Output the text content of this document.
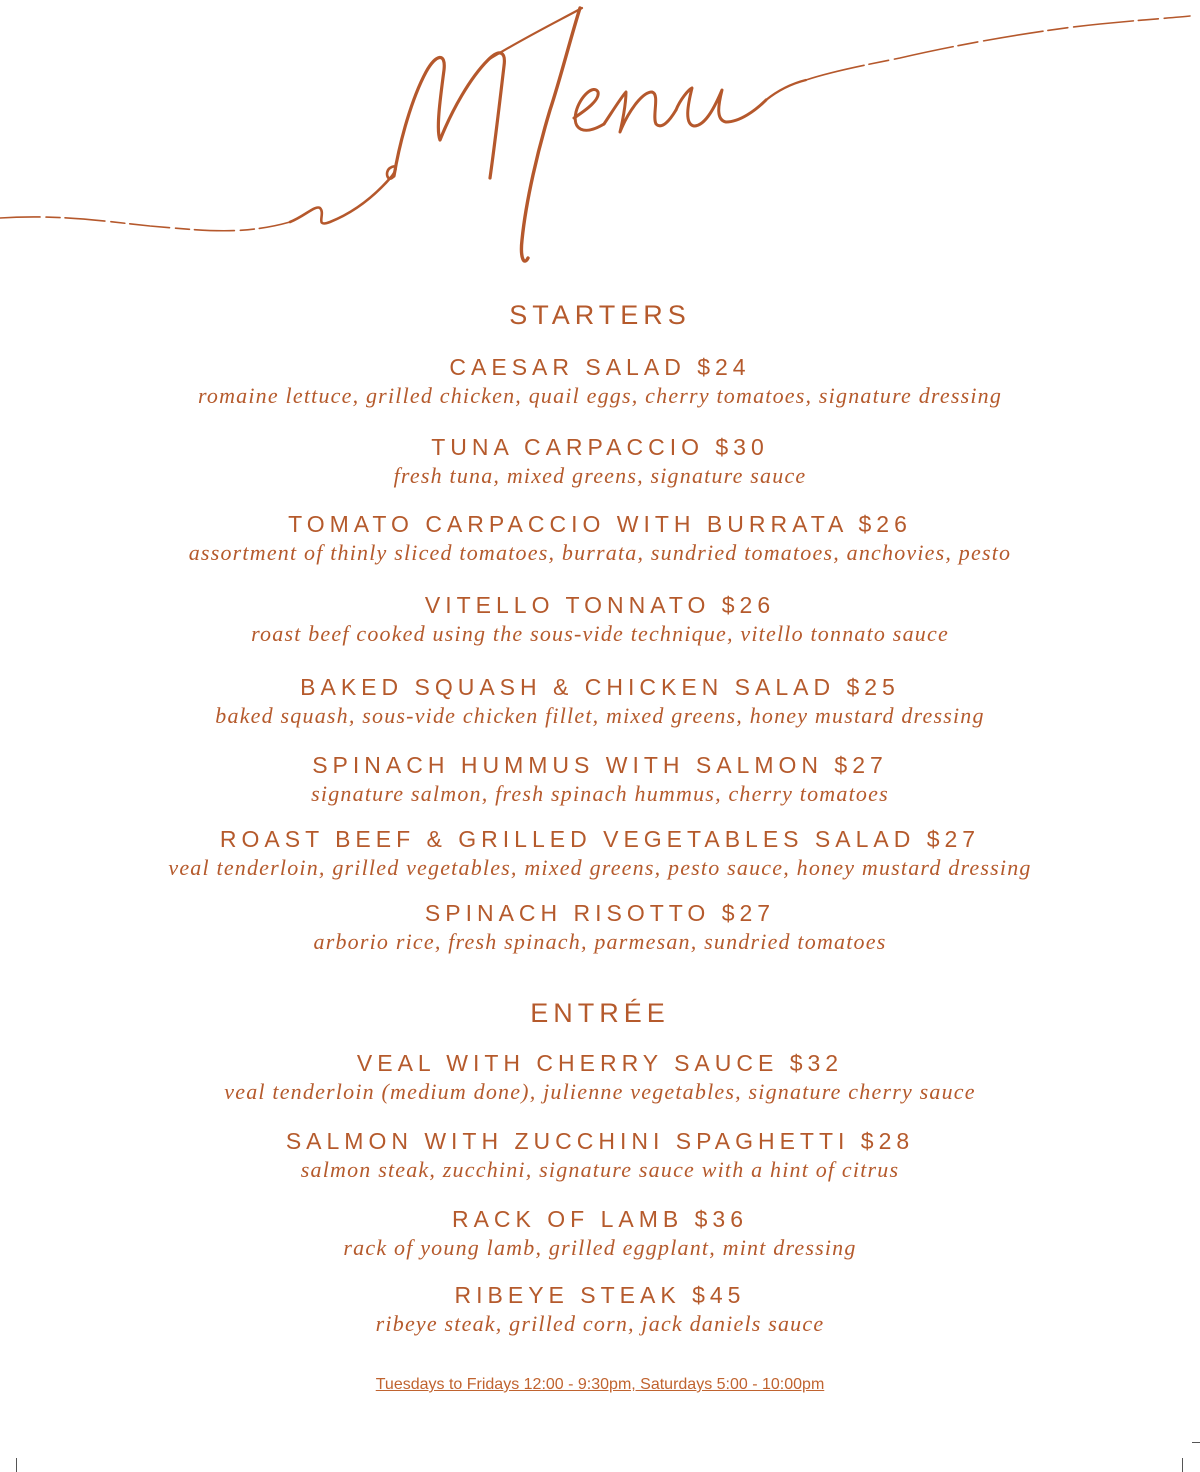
STARTERS
CAESAR SALAD $24
romaine lettuce, grilled chicken, quail eggs, cherry tomatoes, signature dressing
TUNA CARPACCIO $30
fresh tuna, mixed greens, signature sauce
TOMATO CARPACCIO WITH BURRATA $26
assortment of thinly sliced tomatoes, burrata, sundried tomatoes, anchovies, pesto
VITELLO TONNATO $26
roast beef cooked using the sous-vide technique, vitello tonnato sauce
BAKED SQUASH & CHICKEN SALAD $25
baked squash, sous-vide chicken fillet, mixed greens, honey mustard dressing
SPINACH HUMMUS WITH SALMON $27
signature salmon, fresh spinach hummus, cherry tomatoes
ROAST BEEF & GRILLED VEGETABLES SALAD $27
veal tenderloin, grilled vegetables, mixed greens, pesto sauce, honey mustard dressing
SPINACH RISOTTO $27
arborio rice, fresh spinach, parmesan, sundried tomatoes
ENTRÉE
VEAL WITH CHERRY SAUCE $32
veal tenderloin (medium done), julienne vegetables, signature cherry sauce
SALMON WITH ZUCCHINI SPAGHETTI $28
salmon steak, zucchini, signature sauce with a hint of citrus
RACK OF LAMB $36
rack of young lamb, grilled eggplant, mint dressing
RIBEYE STEAK $45
ribeye steak, grilled corn, jack daniels sauce
Tuesdays to Fridays 12:00 - 9:30pm, Saturdays 5:00 - 10:00pm
